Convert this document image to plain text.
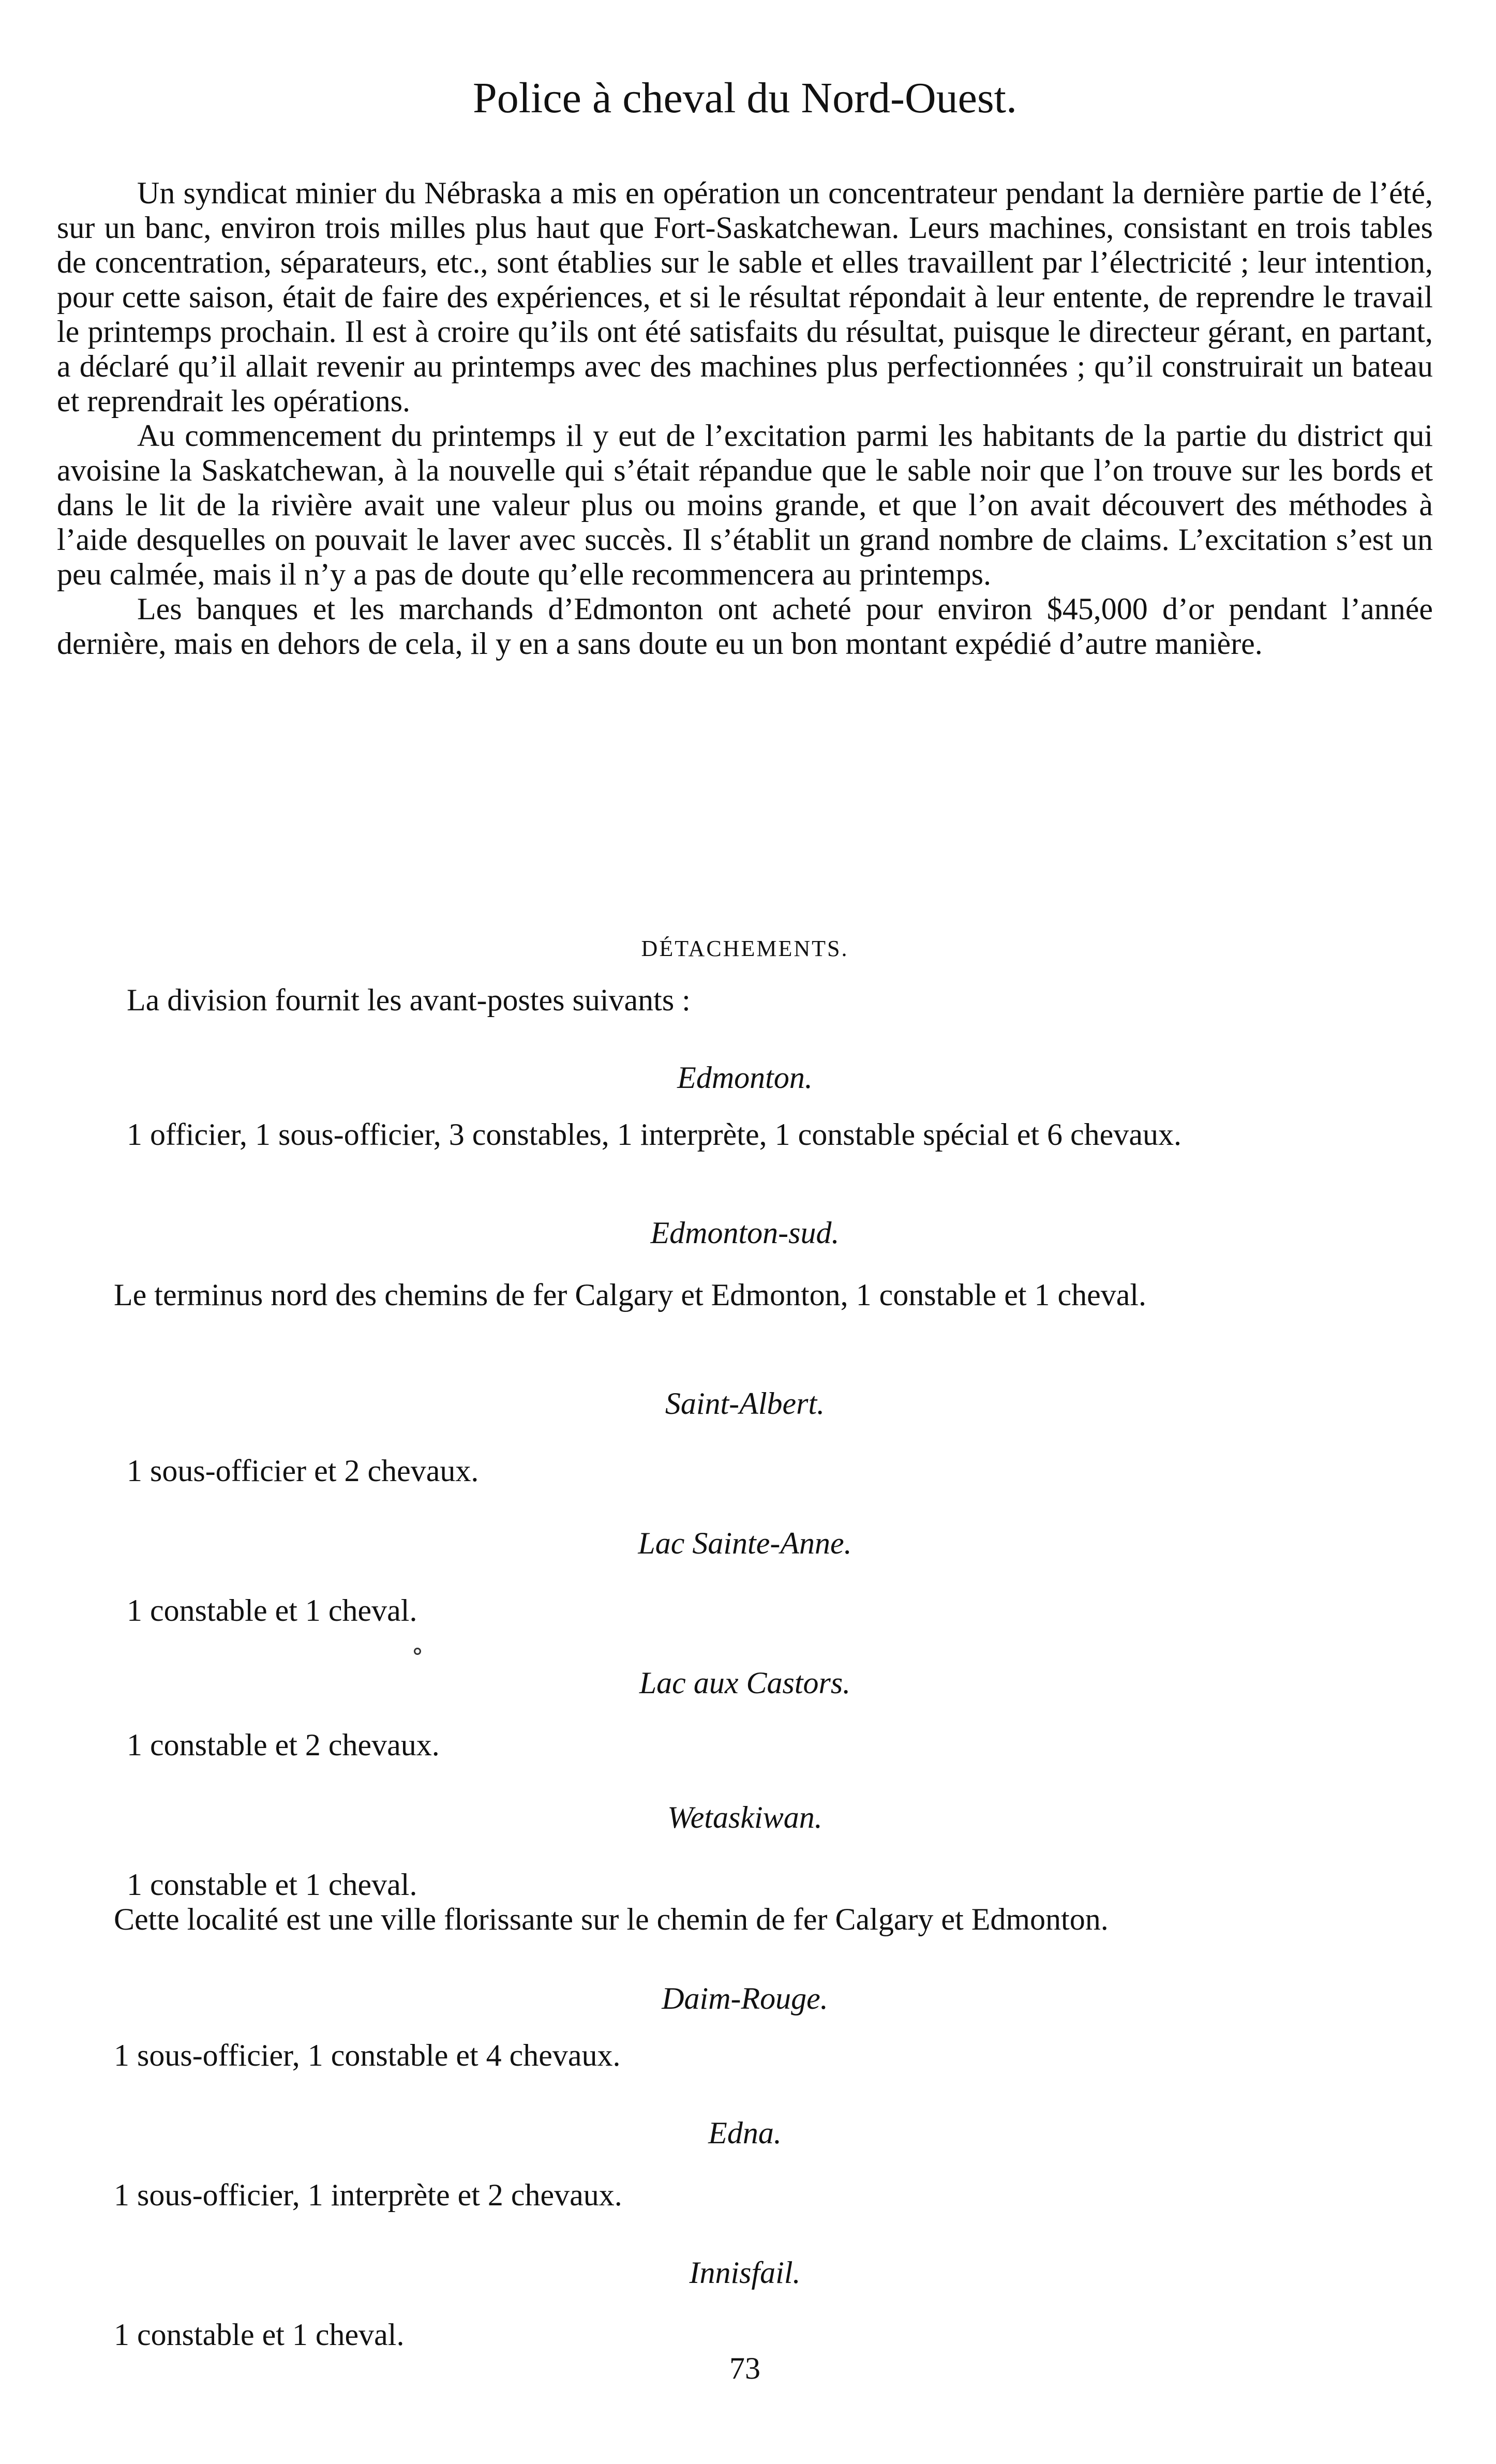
Police à cheval du Nord-Ouest.

Un syndicat minier du Nébraska a mis en opération un concentrateur pendant la dernière partie de l’été, sur un banc, environ trois milles plus haut que Fort-Saskatchewan. Leurs machines, consistant en trois tables de concentration, séparateurs, etc., sont établies sur le sable et elles travaillent par l’électricité ; leur intention, pour cette saison, était de faire des expériences, et si le résultat répondait à leur entente, de reprendre le travail le printemps prochain. Il est à croire qu’ils ont été satisfaits du résultat, puisque le directeur gérant, en partant, a déclaré qu’il allait revenir au printemps avec des machines plus perfectionnées ; qu’il construirait un bateau et reprendrait les opérations.

Au commencement du printemps il y eut de l’excitation parmi les habitants de la partie du district qui avoisine la Saskatchewan, à la nouvelle qui s’était répandue que le sable noir que l’on trouve sur les bords et dans le lit de la rivière avait une valeur plus ou moins grande, et que l’on avait découvert des méthodes à l’aide desquelles on pouvait le laver avec succès. Il s’établit un grand nombre de claims. L’excitation s’est un peu calmée, mais il n’y a pas de doute qu’elle recommencera au printemps.

Les banques et les marchands d’Edmonton ont acheté pour environ $45,000 d’or pendant l’année dernière, mais en dehors de cela, il y en a sans doute eu un bon montant expédié d’autre manière.

DÉTACHEMENTS.
La division fournit les avant-postes suivants :
Edmonton.

1 officier, 1 sous-officier, 3 constables, 1 interprète, 1 constable spécial et 6 chevaux.

Edmonton-sud.

Le terminus nord des chemins de fer Calgary et Edmonton, 1 constable et 1 cheval.

Saint-Albert.

1 sous-officier et 2 chevaux.

Lac Sainte-Anne.

1 constable et 1 cheval.

Lac aux Castors.

1 constable et 2 chevaux.

Wetaskiwan.

1 constable et 1 cheval.

Cette localité est une ville florissante sur le chemin de fer Calgary et Edmonton.

Daim-Rouge.

1 sous-officier, 1 constable et 4 chevaux.

Edna.

1 sous-officier, 1 interprète et 2 chevaux.

Innisfail.

1 constable et 1 cheval.

73
